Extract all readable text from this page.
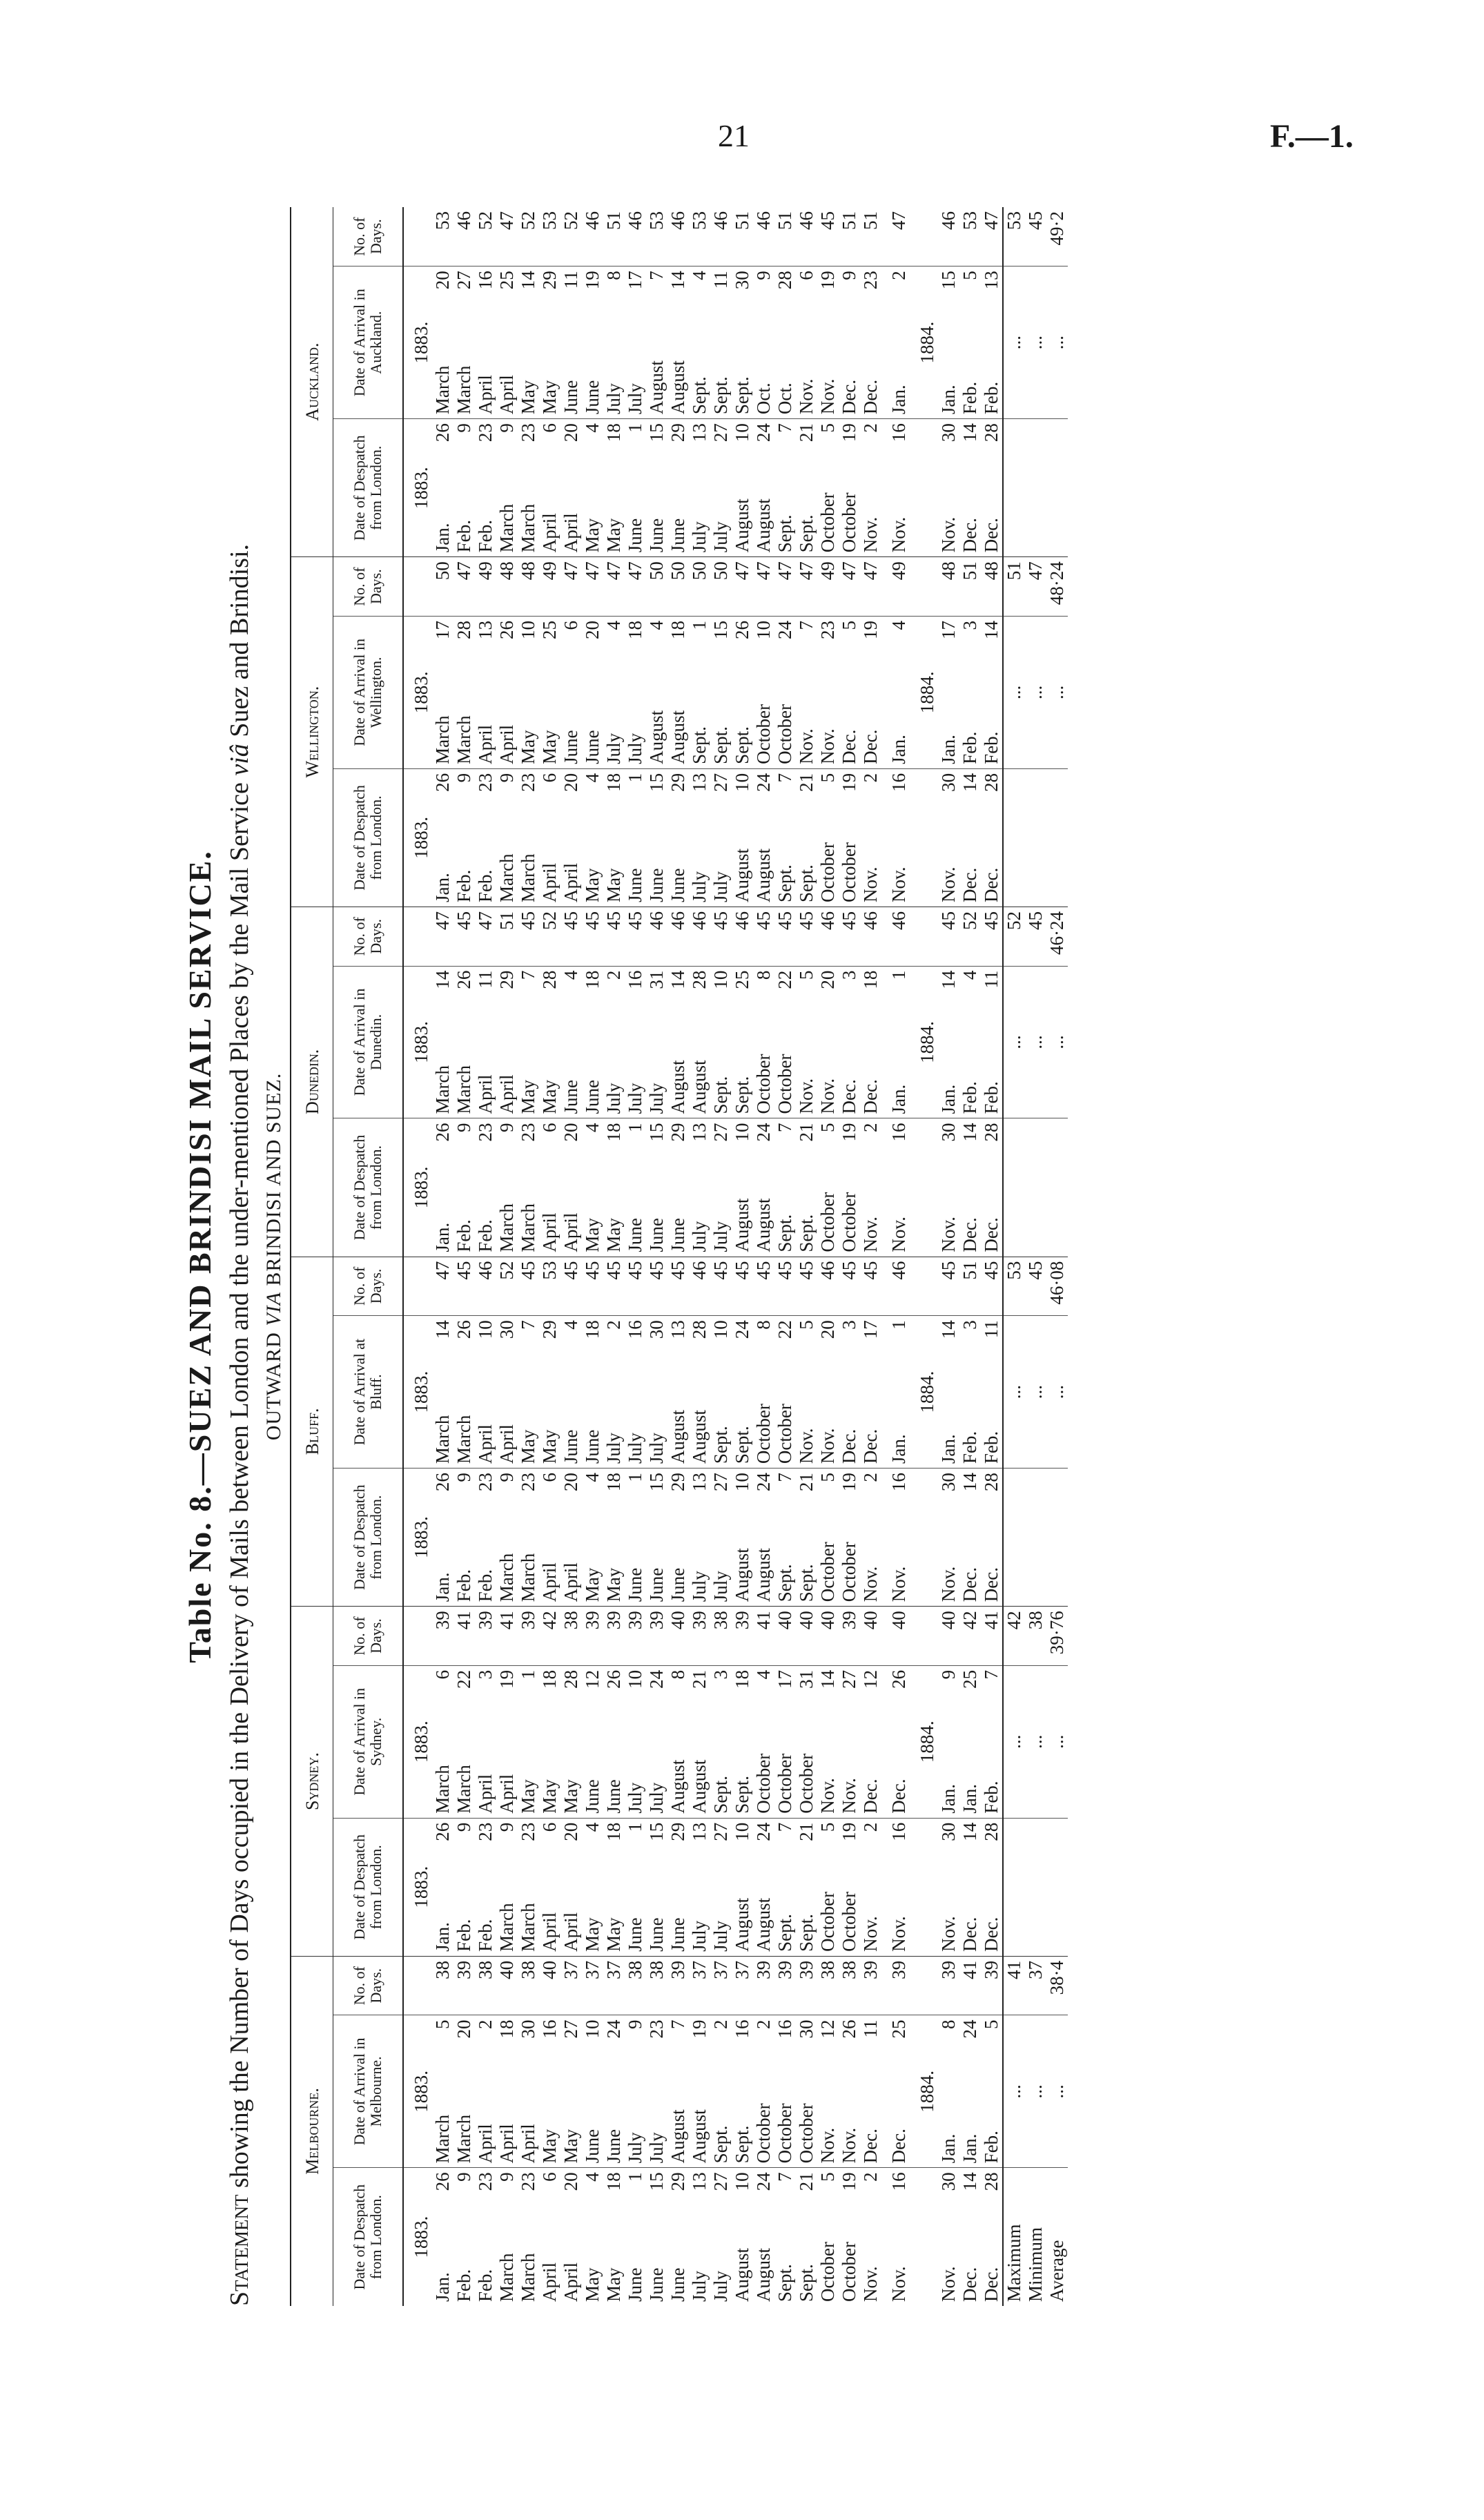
21	F.—1.
Table No. 8.—SUEZ AND BRINDISI MAIL SERVICE.
Statement showing the Number of Days occupied in the Delivery of Mails between London and the under-mentioned Places by the Mail Service viâ Suez and Brindisi.
OUTWARD VIA BRINDISI AND SUEZ.
Melbourne.					Sydney.					Bluff.					Dunedin.					Wellington.					Auckland.				
Date of Despatch from London.		Date of Arrival in Melbourne.		No. of Days.	Date of Despatch from London.		Date of Arrival in Sydney.		No. of Days.	Date of Despatch from London.		Date of Arrival at Bluff.		No. of Days.	Date of Despatch from London.		Date of Arrival in Dunedin.		No. of Days.	Date of Despatch from London.		Date of Arrival in Wellington.		No. of Days.	Date of Despatch from London.		Date of Arrival in Auckland.		No. of Days.
1883.		1883.			1883.		1883.			1883.		1883.			1883.		1883.			1883.		1883.			1883.		1883.		
Jan.	26	March	5	38	Jan.	26	March	6	39	Jan.	26	March	14	47	Jan.	26	March	14	47	Jan.	26	March	17	50	Jan.	26	March	20	53
Feb.	9	March	20	39	Feb.	9	March	22	41	Feb.	9	March	26	45	Feb.	9	March	26	45	Feb.	9	March	28	47	Feb.	9	March	27	46
Feb.	23	April	2	38	Feb.	23	April	3	39	Feb.	23	April	10	46	Feb.	23	April	11	47	Feb.	23	April	13	49	Feb.	23	April	16	52
March	9	April	18	40	March	9	April	19	41	March	9	April	30	52	March	9	April	29	51	March	9	April	26	48	March	9	April	25	47
March	23	April	30	38	March	23	May	1	39	March	23	May	7	45	March	23	May	7	45	March	23	May	10	48	March	23	May	14	52
April	6	May	16	40	April	6	May	18	42	April	6	May	29	53	April	6	May	28	52	April	6	May	25	49	April	6	May	29	53
April	20	May	27	37	April	20	May	28	38	April	20	June	4	45	April	20	June	4	45	April	20	June	6	47	April	20	June	11	52
May	4	June	10	37	May	4	June	12	39	May	4	June	18	45	May	4	June	18	45	May	4	June	20	47	May	4	June	19	46
May	18	June	24	37	May	18	June	26	39	May	18	July	2	45	May	18	July	2	45	May	18	July	4	47	May	18	July	8	51
June	1	July	9	38	June	1	July	10	39	June	1	July	16	45	June	1	July	16	45	June	1	July	18	47	June	1	July	17	46
June	15	July	23	38	June	15	July	24	39	June	15	July	30	45	June	15	July	31	46	June	15	August	4	50	June	15	August	7	53
June	29	August	7	39	June	29	August	8	40	June	29	August	13	45	June	29	August	14	46	June	29	August	18	50	June	29	August	14	46
July	13	August	19	37	July	13	August	21	39	July	13	August	28	46	July	13	August	28	46	July	13	Sept.	1	50	July	13	Sept.	4	53
July	27	Sept.	2	37	July	27	Sept.	3	38	July	27	Sept.	10	45	July	27	Sept.	10	45	July	27	Sept.	15	50	July	27	Sept.	11	46
August	10	Sept.	16	37	August	10	Sept.	18	39	August	10	Sept.	24	45	August	10	Sept.	25	46	August	10	Sept.	26	47	August	10	Sept.	30	51
August	24	October	2	39	August	24	October	4	41	August	24	October	8	45	August	24	October	8	45	August	24	October	10	47	August	24	Oct.	9	46
Sept.	7	October	16	39	Sept.	7	October	17	40	Sept.	7	October	22	45	Sept.	7	October	22	45	Sept.	7	October	24	47	Sept.	7	Oct.	28	51
Sept.	21	October	30	39	Sept.	21	October	31	40	Sept.	21	Nov.	5	45	Sept.	21	Nov.	5	45	Sept.	21	Nov.	7	47	Sept.	21	Nov.	6	46
October	5	Nov.	12	38	October	5	Nov.	14	40	October	5	Nov.	20	46	October	5	Nov.	20	46	October	5	Nov.	23	49	October	5	Nov.	19	45
October	19	Nov.	26	38	October	19	Nov.	27	39	October	19	Dec.	3	45	October	19	Dec.	3	45	October	19	Dec.	5	47	October	19	Dec.	9	51
Nov.	2	Dec.	11	39	Nov.	2	Dec.	12	40	Nov.	2	Dec.	17	45	Nov.	2	Dec.	18	46	Nov.	2	Dec.	19	47	Nov.	2	Dec.	23	51

Nov.	16	Dec.	25	39	Nov.	16	Dec.	26	40	Nov.	16	Jan.	1	46	Nov.	16	Jan.	1	46	Nov.	16	Jan.	4	49	Nov.	16	Jan.	2	47
		1884.					1884.					1884.					1884.					1884.					1884.		
Nov.	30	Jan.	8	39	Nov.	30	Jan.	9	40	Nov.	30	Jan.	14	45	Nov.	30	Jan.	14	45	Nov.	30	Jan.	17	48	Nov.	30	Jan.	15	46
Dec.	14	Jan.	24	41	Dec.	14	Jan.	25	42	Dec.	14	Feb.	3	51	Dec.	14	Feb.	4	52	Dec.	14	Feb.	3	51	Dec.	14	Feb.	5	53
Dec.	28	Feb.	5	39	Dec.	28	Feb.	7	41	Dec.	28	Feb.	11	45	Dec.	28	Feb.	11	45	Dec.	28	Feb.	14	48	Dec.	28	Feb.	13	47
Maximum		...		41			...		42			...		53			...		52			...		51			...		53
Minimum		...		37			...		38			...		45			...		45			...		47			...		45
Average		...		38·4			...		39·76			...		46·08			...		46·24			...		48·24			...		49·2
